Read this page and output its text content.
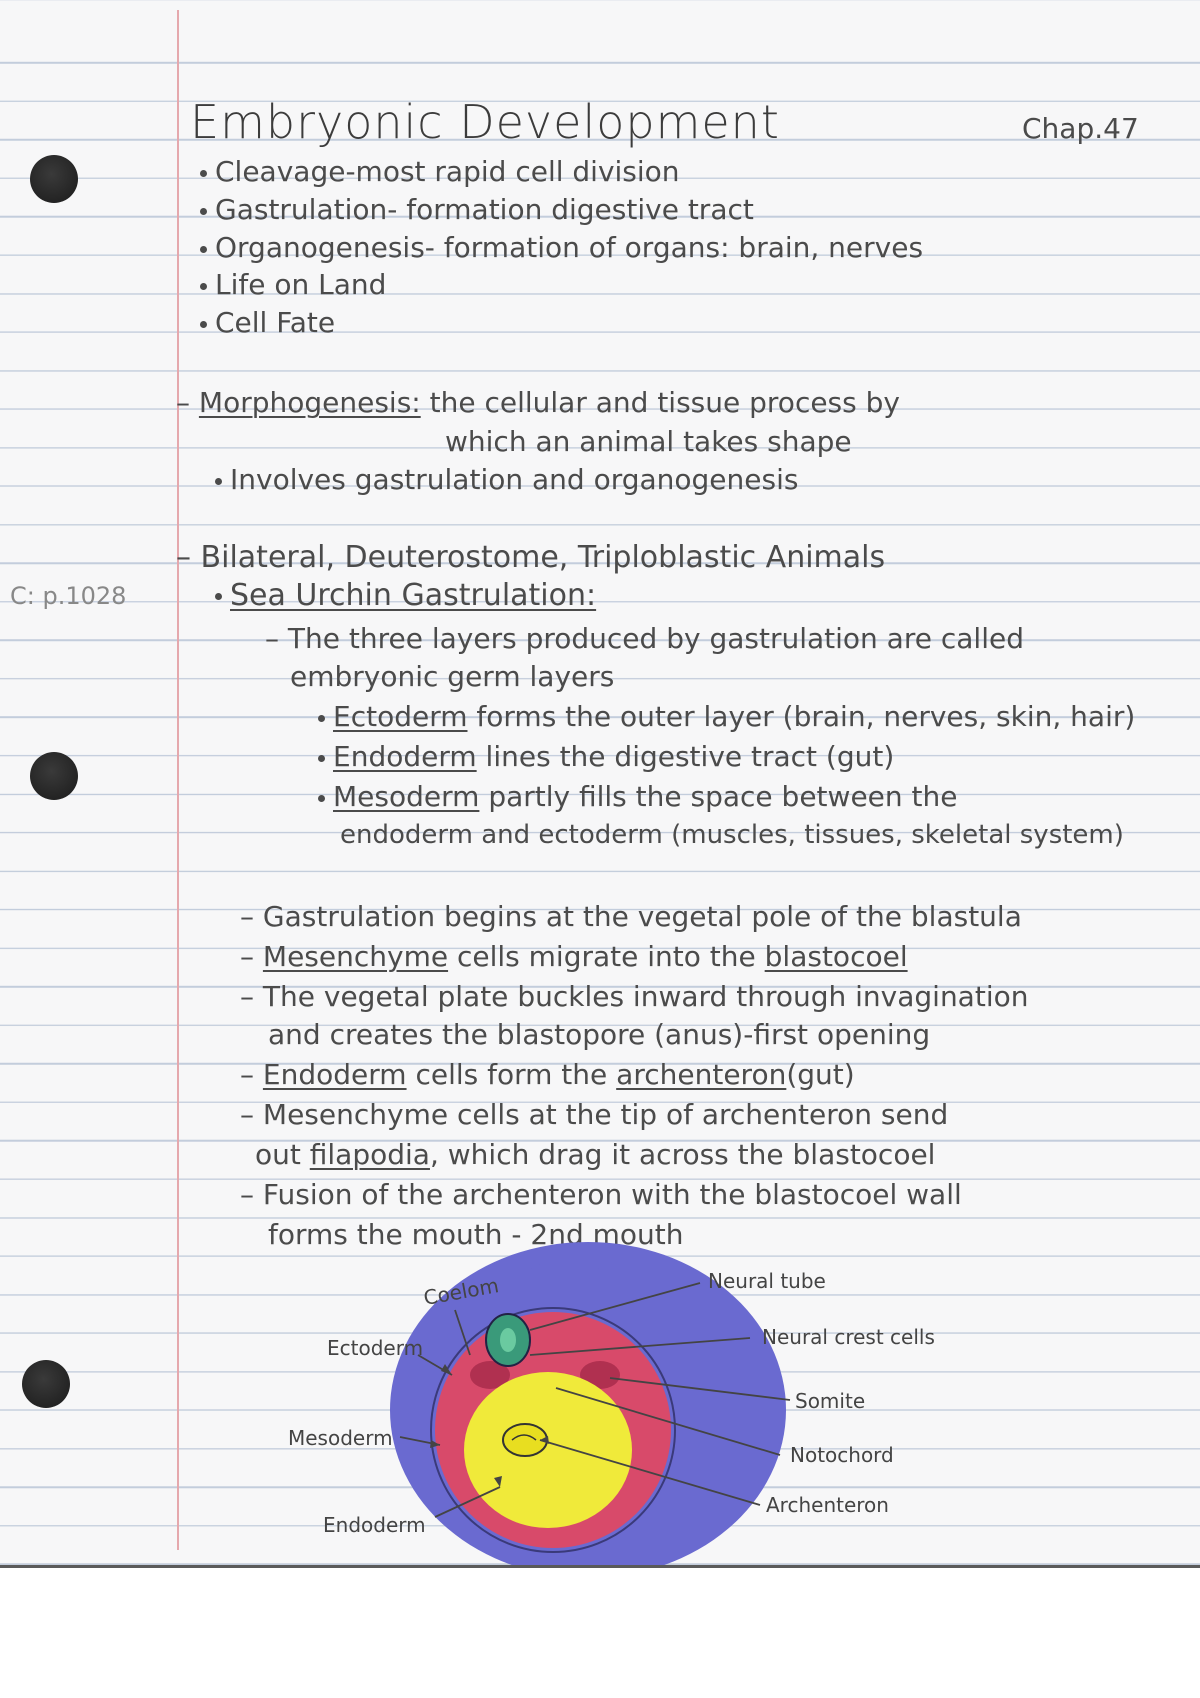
Embryonic Development	Chap.47
Cleavage-most rapid cell division
Gastrulation- formation digestive tract
Organogenesis- formation of organs: brain, nerves
Life on Land
Cell Fate
– Morphogenesis: the cellular and tissue process by
which an animal takes shape
Involves gastrulation and organogenesis
– Bilateral, Deuterostome, Triploblastic Animals
C: p.1028	Sea Urchin Gastrulation:
– The three layers produced by gastrulation are called
embryonic germ layers
Ectoderm forms the outer layer (brain, nerves, skin, hair)
Endoderm lines the digestive tract (gut)
Mesoderm partly fills the space between the
endoderm and ectoderm (muscles, tissues, skeletal system)
– Gastrulation begins at the vegetal pole of the blastula
– Mesenchyme cells migrate into the blastocoel
– The vegetal plate buckles inward through invagination
and creates the blastopore (anus)-first opening
– Endoderm cells form the archenteron(gut)
– Mesenchyme cells at the tip of archenteron send
out filapodia, which drag it across the blastocoel
– Fusion of the archenteron with the blastocoel wall
forms the mouth - 2nd mouth
Coelom
Ectoderm
Mesoderm
Endoderm
Neural tube
Neural crest cells
Somite
Notochord
Archenteron
